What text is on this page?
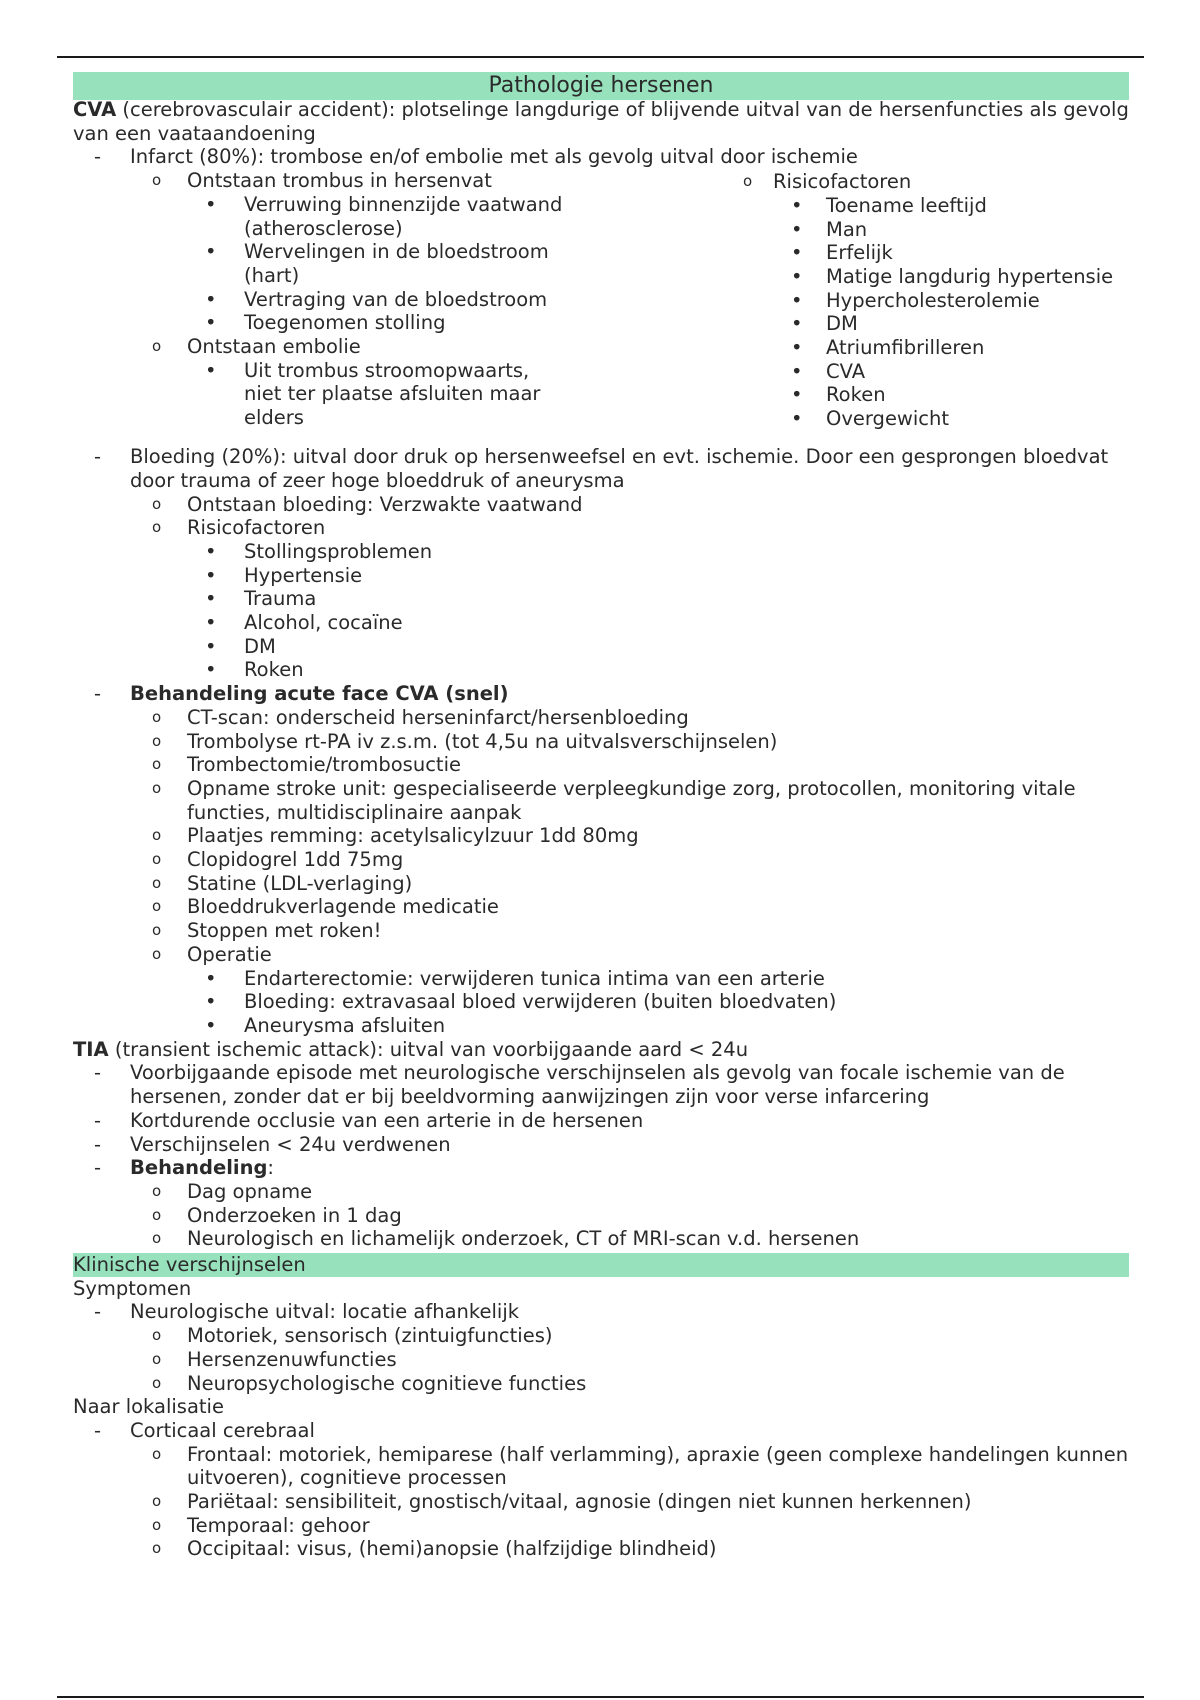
Pathologie hersenen
CVA (cerebrovasculair accident): plotselinge langdurige of blijvende uitval van de hersenfuncties als gevolg van een vaataandoening
-	Infarct (80%): trombose en/of embolie met als gevolg uitval door ischemie
o	Ontstaan trombus in hersenvat
•	Verruwing binnenzijde vaatwand (atherosclerose)
•	Wervelingen in de bloedstroom (hart)
•	Vertraging van de bloedstroom
•	Toegenomen stolling
o	Ontstaan embolie
•	Uit trombus stroomopwaarts, niet ter plaatse afsluiten maar elders
o Risicofactoren
• Toename leeftijd
• Man
• Erfelijk
• Matige langdurig hypertensie
• Hypercholesterolemie
• DM
• Atriumfibrilleren
• CVA
• Roken
• Overgewicht
-	Bloeding (20%): uitval door druk op hersenweefsel en evt. ischemie. Door een gesprongen bloedvat door trauma of zeer hoge bloeddruk of aneurysma
o	Ontstaan bloeding: Verzwakte vaatwand
o	Risicofactoren
•	Stollingsproblemen
•	Hypertensie
•	Trauma
•	Alcohol, cocaïne
•	DM
•	Roken
-	Behandeling acute face CVA (snel)
o	CT-scan: onderscheid herseninfarct/hersenbloeding
o	Trombolyse rt-PA iv z.s.m. (tot 4,5u na uitvalsverschijnselen)
o	Trombectomie/trombosuctie
o	Opname stroke unit: gespecialiseerde verpleegkundige zorg, protocollen, monitoring vitale functies, multidisciplinaire aanpak
o	Plaatjes remming: acetylsalicylzuur 1dd 80mg
o	Clopidogrel 1dd 75mg
o	Statine (LDL-verlaging)
o	Bloeddrukverlagende medicatie
o	Stoppen met roken!
o	Operatie
•	Endarterectomie: verwijderen tunica intima van een arterie
•	Bloeding: extravasaal bloed verwijderen (buiten bloedvaten)
•	Aneurysma afsluiten
TIA (transient ischemic attack): uitval van voorbijgaande aard < 24u
-	Voorbijgaande episode met neurologische verschijnselen als gevolg van focale ischemie van de hersenen, zonder dat er bij beeldvorming aanwijzingen zijn voor verse infarcering
-	Kortdurende occlusie van een arterie in de hersenen
-	Verschijnselen < 24u verdwenen
-	Behandeling:
o	Dag opname
o	Onderzoeken in 1 dag
o	Neurologisch en lichamelijk onderzoek, CT of MRI-scan v.d. hersenen
Klinische verschijnselen
Symptomen
-	Neurologische uitval: locatie afhankelijk
o	Motoriek, sensorisch (zintuigfuncties)
o	Hersenzenuwfuncties
o	Neuropsychologische cognitieve functies
Naar lokalisatie
-	Corticaal cerebraal
o	Frontaal: motoriek, hemiparese (half verlamming), apraxie (geen complexe handelingen kunnen uitvoeren), cognitieve processen
o	Pariëtaal: sensibiliteit, gnostisch/vitaal, agnosie (dingen niet kunnen herkennen)
o	Temporaal: gehoor
o	Occipitaal: visus, (hemi)anopsie (halfzijdige blindheid)
